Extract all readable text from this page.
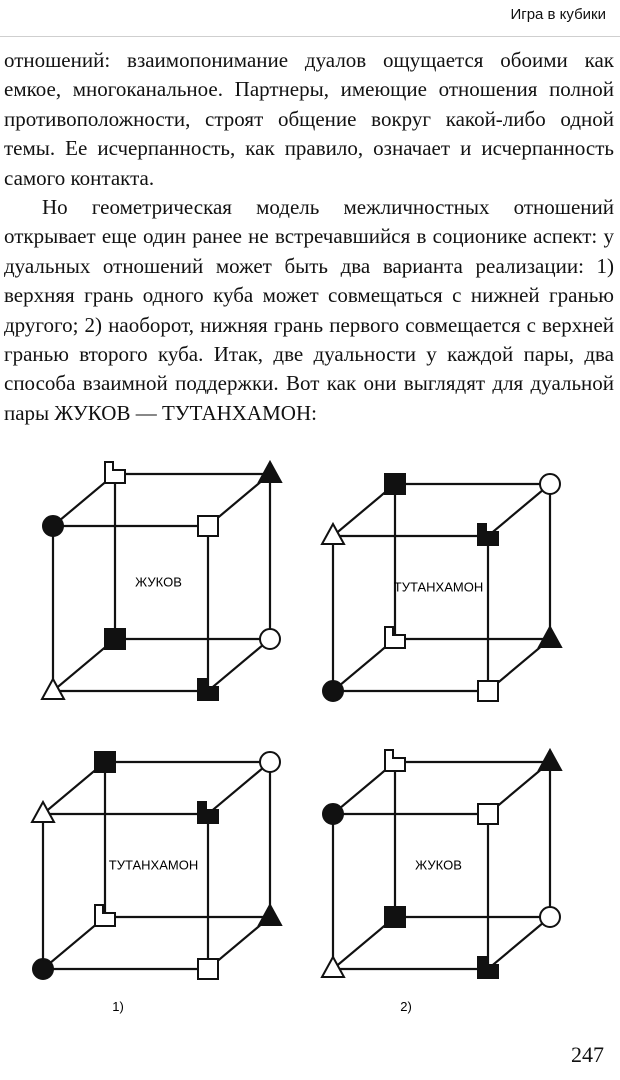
Игра в кубики

отношений: взаимопонимание дуалов ощущается обоими как емкое, многоканальное. Партнеры, имеющие отношения полной противоположности, строят общение вокруг какой-либо одной темы. Ее исчерпанность, как правило, означает и исчерпанность самого контакта.

Но геометрическая модель межличностных отношений открывает еще один ранее не встречавшийся в соционике аспект: у дуальных отношений может быть два варианта реализации: 1) верхняя грань одного куба может совмещаться с нижней гранью другого; 2) наоборот, нижняя грань первого совмещается с верхней гранью второго куба. Итак, две дуальности у каждой пары, два способа взаимной поддержки. Вот как они выглядят для дуальной пары ЖУКОВ — ТУТАНХАМОН:

ЖУКОВ	ТУТАНХАМОН
ТУТАНХАМОН	ЖУКОВ
1)	2)
247
